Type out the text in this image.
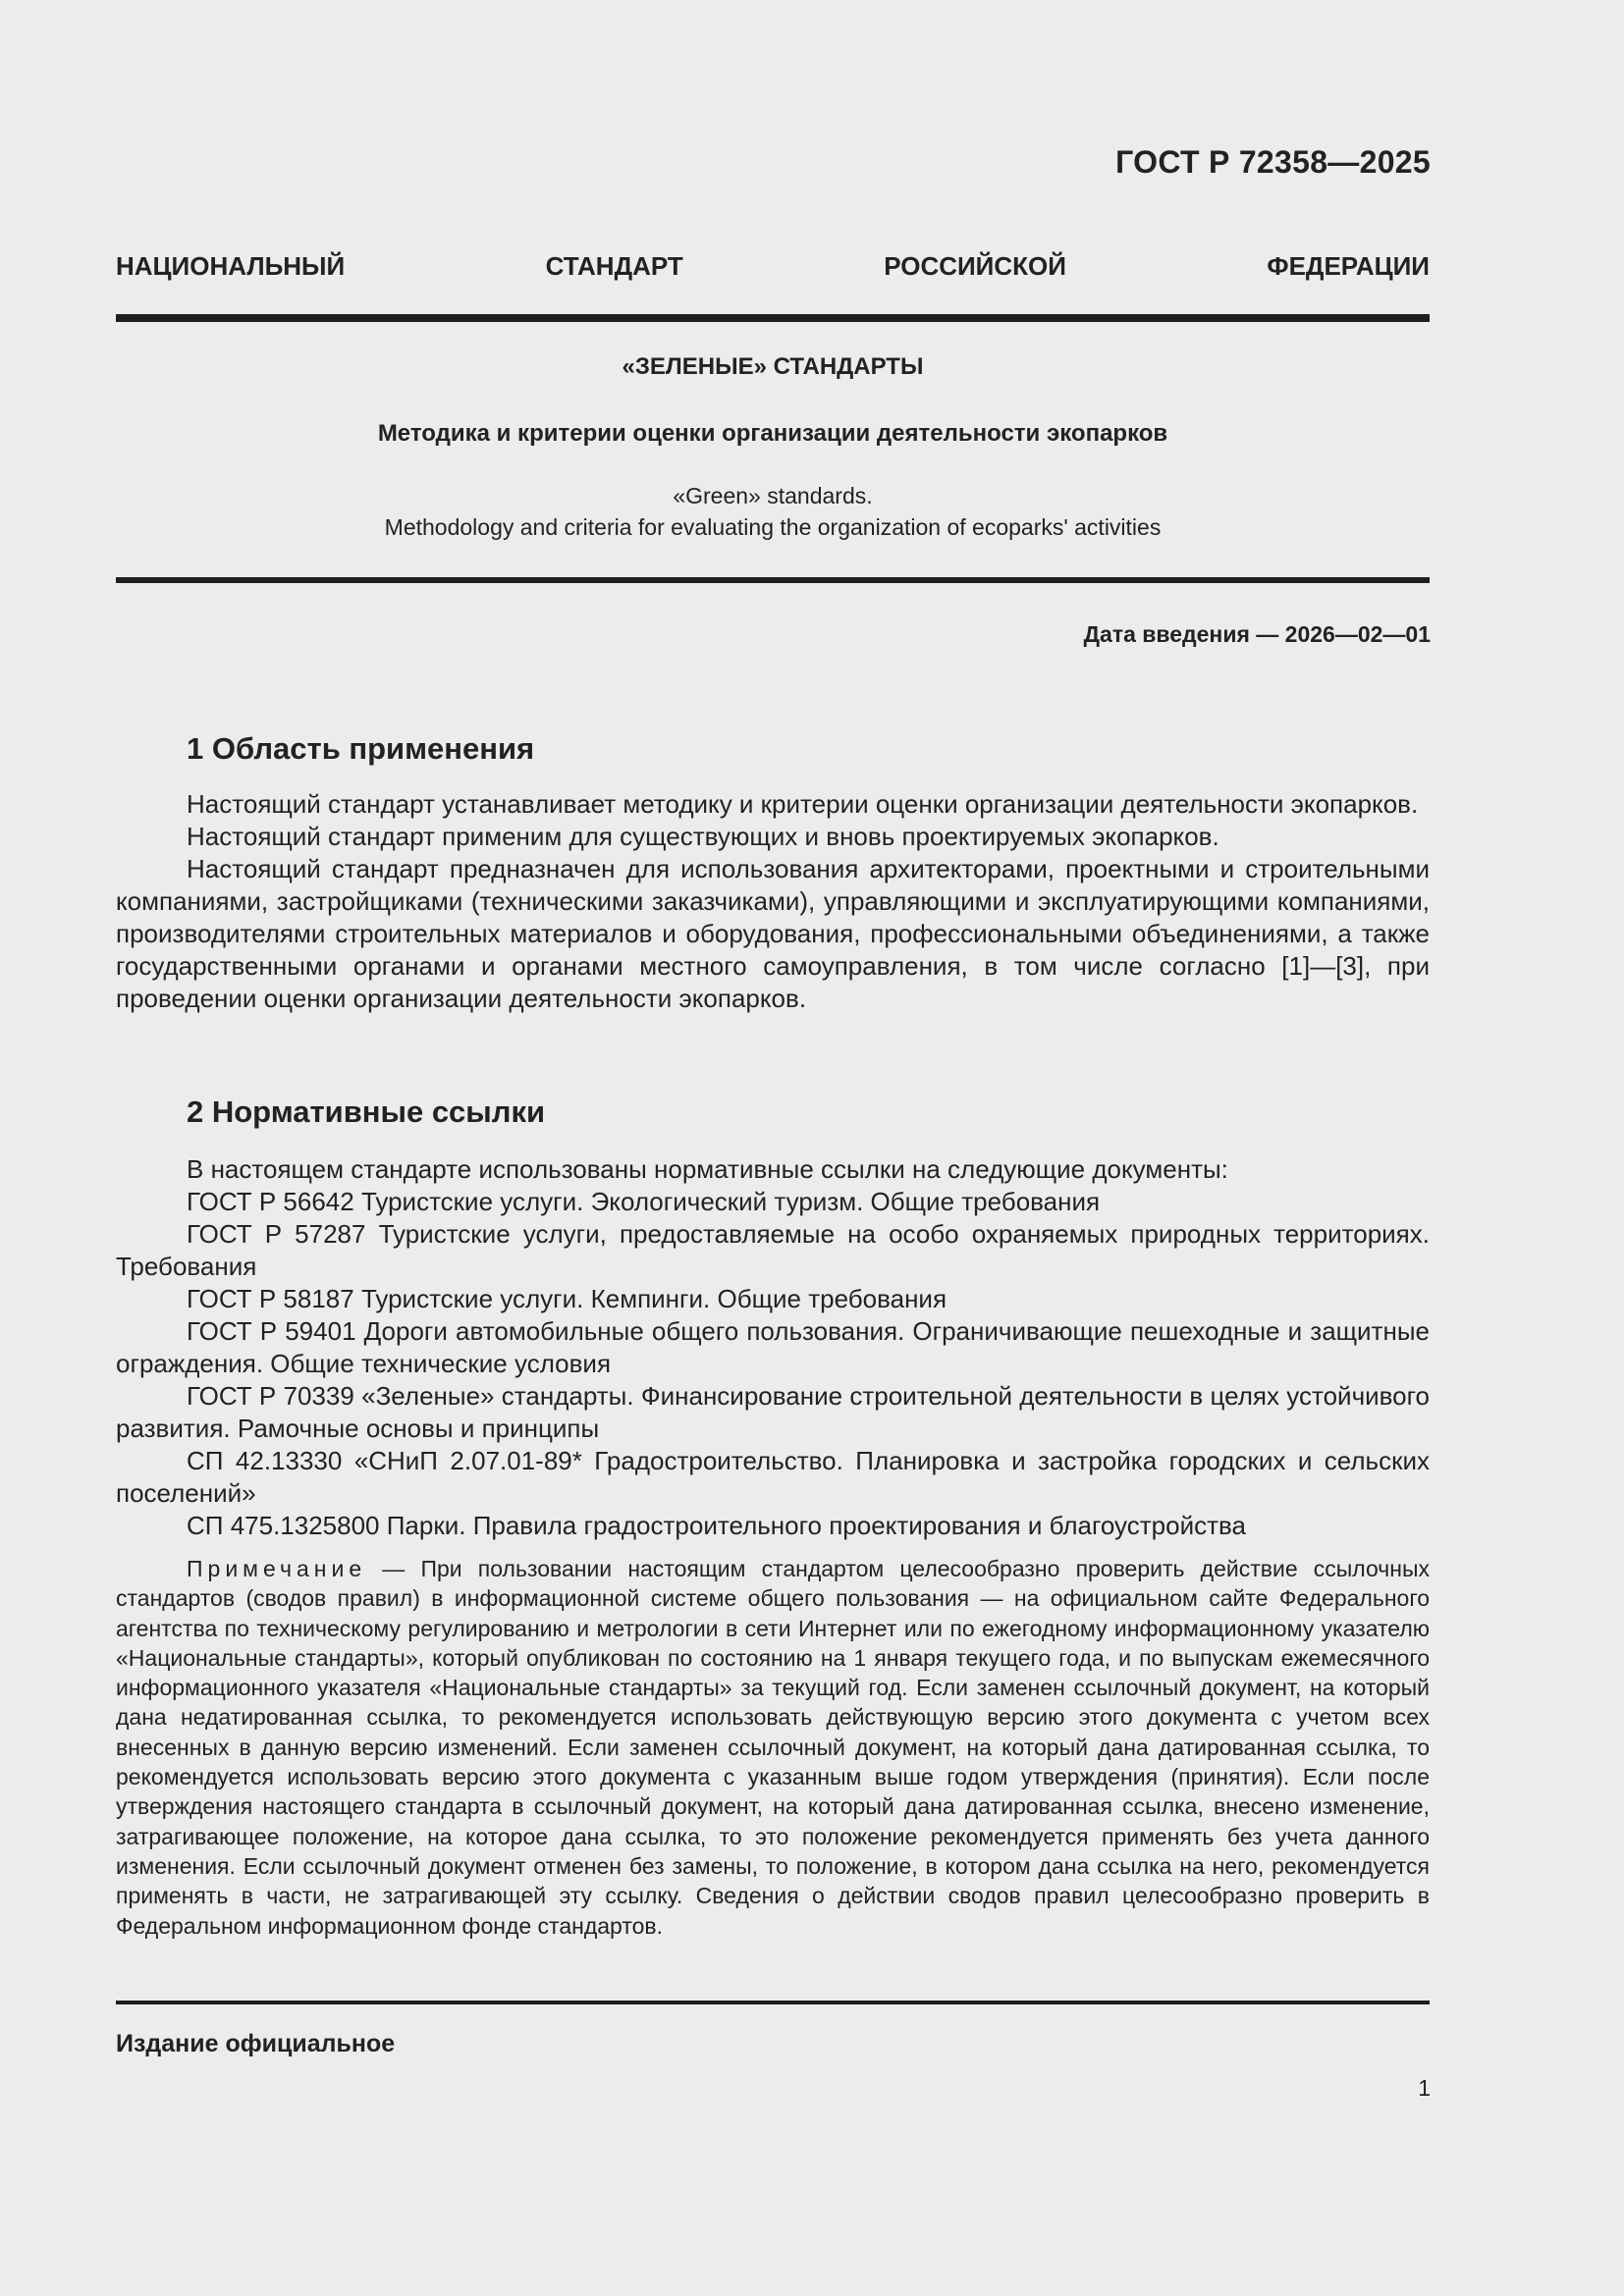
ГОСТ Р 72358—2025
НАЦИОНАЛЬНЫЙ СТАНДАРТ РОССИЙСКОЙ ФЕДЕРАЦИИ
«ЗЕЛЕНЫЕ» СТАНДАРТЫ
Методика и критерии оценки организации деятельности экопарков
«Green» standards.
Methodology and criteria for evaluating the organization of ecoparks' activities
Дата введения — 2026—02—01
1 Область применения

Настоящий стандарт устанавливает методику и критерии оценки организации деятельности экопарков.

Настоящий стандарт применим для существующих и вновь проектируемых экопарков.

Настоящий стандарт предназначен для использования архитекторами, проектными и строительными компаниями, застройщиками (техническими заказчиками), управляющими и эксплуатирующими компаниями, производителями строительных материалов и оборудования, профессиональными объединениями, а также государственными органами и органами местного самоуправления, в том числе согласно [1]—[3], при проведении оценки организации деятельности экопарков.

2 Нормативные ссылки

В настоящем стандарте использованы нормативные ссылки на следующие документы:

ГОСТ Р 56642 Туристские услуги. Экологический туризм. Общие требования

ГОСТ Р 57287 Туристские услуги, предоставляемые на особо охраняемых природных территориях. Требования

ГОСТ Р 58187 Туристские услуги. Кемпинги. Общие требования

ГОСТ Р 59401 Дороги автомобильные общего пользования. Ограничивающие пешеходные и защитные ограждения. Общие технические условия

ГОСТ Р 70339 «Зеленые» стандарты. Финансирование строительной деятельности в целях устойчивого развития. Рамочные основы и принципы

СП 42.13330 «СНиП 2.07.01-89* Градостроительство. Планировка и застройка городских и сельских поселений»

СП 475.1325800 Парки. Правила градостроительного проектирования и благоустройства

Примечание — При пользовании настоящим стандартом целесообразно проверить действие ссылочных стандартов (сводов правил) в информационной системе общего пользования — на официальном сайте Федерального агентства по техническому регулированию и метрологии в сети Интернет или по ежегодному информационному указателю «Национальные стандарты», который опубликован по состоянию на 1 января текущего года, и по выпускам ежемесячного информационного указателя «Национальные стандарты» за текущий год. Если заменен ссылочный документ, на который дана недатированная ссылка, то рекомендуется использовать действующую версию этого документа с учетом всех внесенных в данную версию изменений. Если заменен ссылочный документ, на который дана датированная ссылка, то рекомендуется использовать версию этого документа с указанным выше годом утверждения (принятия). Если после утверждения настоящего стандарта в ссылочный документ, на который дана датированная ссылка, внесено изменение, затрагивающее положение, на которое дана ссылка, то это положение рекомендуется применять без учета данного изменения. Если ссылочный документ отменен без замены, то положение, в котором дана ссылка на него, рекомендуется применять в части, не затрагивающей эту ссылку. Сведения о действии сводов правил целесообразно проверить в Федеральном информационном фонде стандартов.

Издание официальное
1
